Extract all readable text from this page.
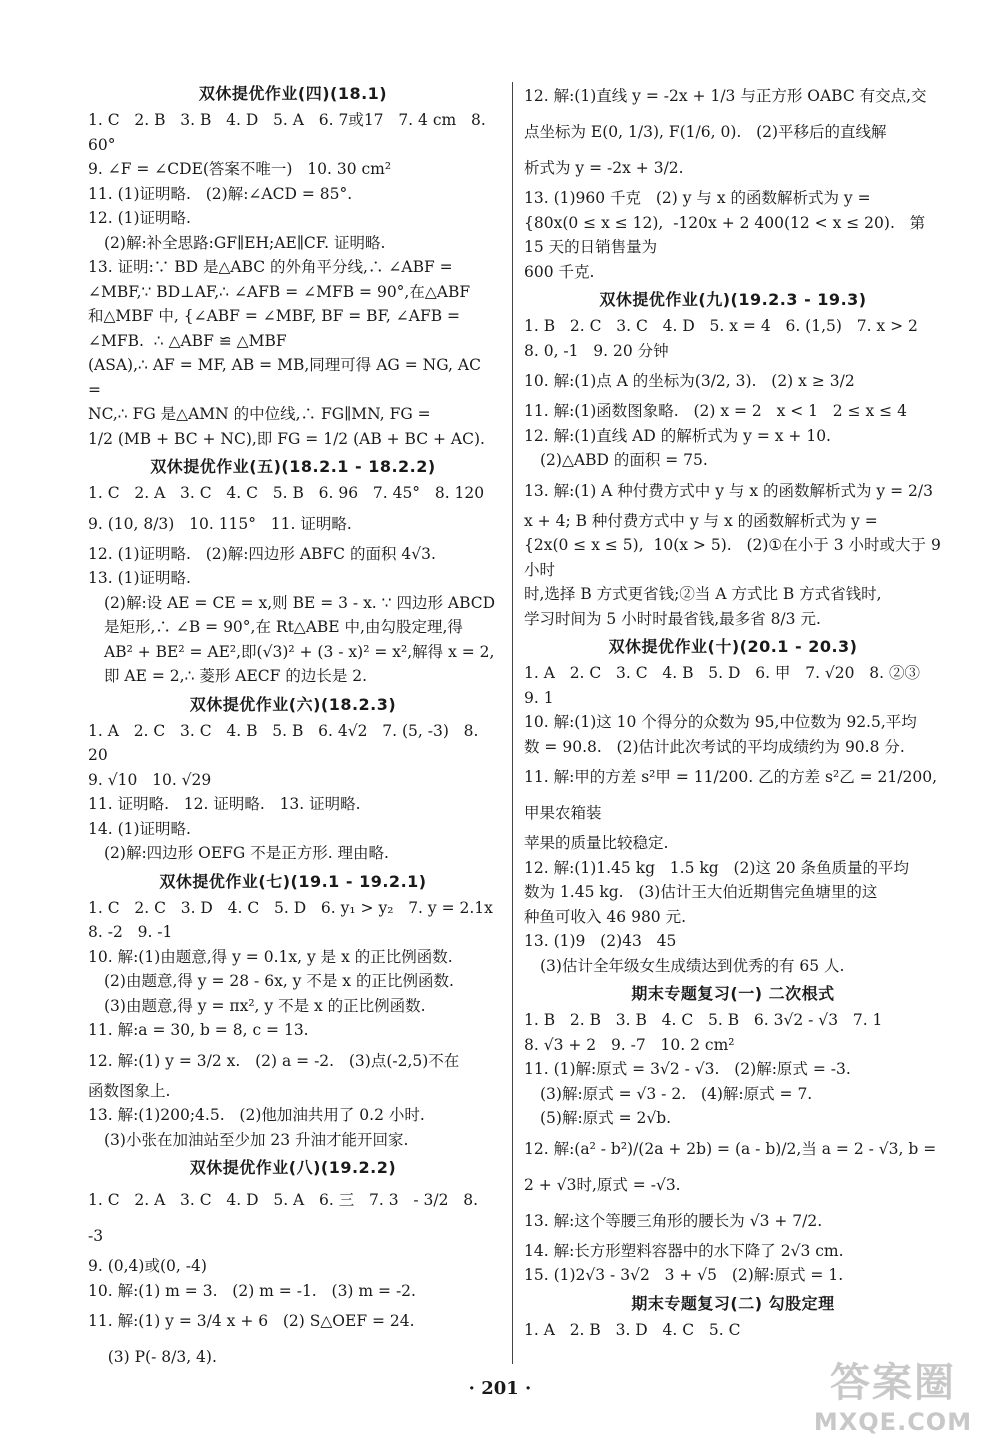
双休提优作业(四)(18.1)
1. C   2. B   3. B   4. D   5. A   6. 7或17   7. 4 cm   8. 60°
9. ∠F = ∠CDE(答案不唯一)   10. 30 cm²
11. (1)证明略.   (2)解:∠ACD = 85°.
12. (1)证明略.
(2)解:补全思路:GF∥EH;AE∥CF. 证明略.
13. 证明:∵ BD 是△ABC 的外角平分线,∴ ∠ABF =
∠MBF,∵ BD⊥AF,∴ ∠AFB = ∠MFB = 90°,在△ABF
和△MBF 中, {∠ABF = ∠MBF, BF = BF, ∠AFB = ∠MFB.  ∴ △ABF ≌ △MBF
(ASA),∴ AF = MF, AB = MB,同理可得 AG = NG, AC =
NC,∴ FG 是△AMN 的中位线,∴ FG∥MN, FG =
1/2 (MB + BC + NC),即 FG = 1/2 (AB + BC + AC).
双休提优作业(五)(18.2.1 - 18.2.2)
1. C   2. A   3. C   4. C   5. B   6. 96   7. 45°   8. 120
9. (10, 8/3)   10. 115°   11. 证明略.
12. (1)证明略.   (2)解:四边形 ABFC 的面积 4√3.
13. (1)证明略.
(2)解:设 AE = CE = x,则 BE = 3 - x. ∵ 四边形 ABCD
是矩形,∴ ∠B = 90°,在 Rt△ABE 中,由勾股定理,得
AB² + BE² = AE²,即(√3)² + (3 - x)² = x²,解得 x = 2,
即 AE = 2,∴ 菱形 AECF 的边长是 2.
双休提优作业(六)(18.2.3)
1. A   2. C   3. C   4. B   5. B   6. 4√2   7. (5, -3)   8. 20
9. √10   10. √29
11. 证明略.   12. 证明略.   13. 证明略.
14. (1)证明略.
(2)解:四边形 OEFG 不是正方形. 理由略.
双休提优作业(七)(19.1 - 19.2.1)
1. C   2. C   3. D   4. C   5. D   6. y₁ > y₂   7. y = 2.1x
8. -2   9. -1
10. 解:(1)由题意,得 y = 0.1x, y 是 x 的正比例函数.
(2)由题意,得 y = 28 - 6x, y 不是 x 的正比例函数.
(3)由题意,得 y = πx², y 不是 x 的正比例函数.
11. 解:a = 30, b = 8, c = 13.
12. 解:(1) y = 3/2 x.   (2) a = -2.   (3)点(-2,5)不在
函数图象上.
13. 解:(1)200;4.5.   (2)他加油共用了 0.2 小时.
(3)小张在加油站至少加 23 升油才能开回家.
双休提优作业(八)(19.2.2)
1. C   2. A   3. C   4. D   5. A   6. 三   7. 3   - 3/2   8. -3
9. (0,4)或(0, -4)
10. 解:(1) m = 3.   (2) m = -1.   (3) m = -2.
11. 解:(1) y = 3/4 x + 6   (2) S△OEF = 24.
(3) P(- 8/3, 4).
12. 解:(1)直线 y = -2x + 1/3 与正方形 OABC 有交点,交
点坐标为 E(0, 1/3), F(1/6, 0).   (2)平移后的直线解
析式为 y = -2x + 3/2.
13. (1)960 千克   (2) y 与 x 的函数解析式为 y =
{80x(0 ≤ x ≤ 12),  -120x + 2 400(12 < x ≤ 20).   第 15 天的日销售量为
600 千克.
双休提优作业(九)(19.2.3 - 19.3)
1. B   2. C   3. C   4. D   5. x = 4   6. (1,5)   7. x > 2
8. 0, -1   9. 20 分钟
10. 解:(1)点 A 的坐标为(3/2, 3).   (2) x ≥ 3/2
11. 解:(1)函数图象略.   (2) x = 2   x < 1   2 ≤ x ≤ 4
12. 解:(1)直线 AD 的解析式为 y = x + 10.
(2)△ABD 的面积 = 75.
13. 解:(1) A 种付费方式中 y 与 x 的函数解析式为 y = 2/3
x + 4; B 种付费方式中 y 与 x 的函数解析式为 y =
{2x(0 ≤ x ≤ 5),  10(x > 5).   (2)①在小于 3 小时或大于 9 小时
时,选择 B 方式更省钱;②当 A 方式比 B 方式省钱时,
学习时间为 5 小时时最省钱,最多省 8/3 元.
双休提优作业(十)(20.1 - 20.3)
1. A   2. C   3. C   4. B   5. D   6. 甲   7. √20   8. ②③
9. 1
10. 解:(1)这 10 个得分的众数为 95,中位数为 92.5,平均
数 = 90.8.   (2)估计此次考试的平均成绩约为 90.8 分.
11. 解:甲的方差 s²甲 = 11/200. 乙的方差 s²乙 = 21/200,甲果农箱装
苹果的质量比较稳定.
12. 解:(1)1.45 kg   1.5 kg   (2)这 20 条鱼质量的平均
数为 1.45 kg.   (3)估计王大伯近期售完鱼塘里的这
种鱼可收入 46 980 元.
13. (1)9   (2)43   45
(3)估计全年级女生成绩达到优秀的有 65 人.
期末专题复习(一) 二次根式
1. B   2. B   3. B   4. C   5. B   6. 3√2 - √3   7. 1
8. √3 + 2   9. -7   10. 2 cm²
11. (1)解:原式 = 3√2 - √3.   (2)解:原式 = -3.
(3)解:原式 = √3 - 2.   (4)解:原式 = 7.
(5)解:原式 = 2√b.
12. 解:(a² - b²)/(2a + 2b) = (a - b)/2,当 a = 2 - √3, b = 2 + √3时,原式 = -√3.
13. 解:这个等腰三角形的腰长为 √3 + 7/2.
14. 解:长方形塑料容器中的水下降了 2√3 cm.
15. (1)2√3 - 3√2   3 + √5   (2)解:原式 = 1.
期末专题复习(二) 勾股定理
1. A   2. B   3. D   4. C   5. C
· 201 ·	答案圈
MXQE.COM
